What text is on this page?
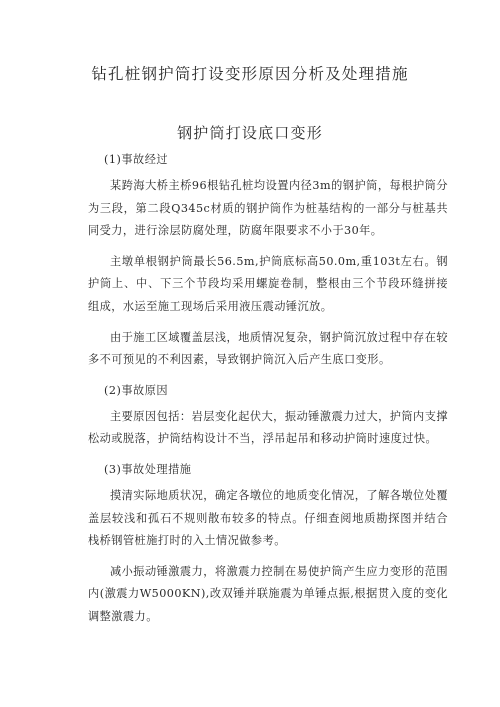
钻孔桩钢护筒打设变形原因分析及处理措施
钢护筒打设底口变形
(1)事故经过

某跨海大桥主桥96根钻孔桩均设置内径3m的钢护筒，每根护筒分为三段，第二段Q345c材质的钢护筒作为桩基结构的一部分与桩基共同受力，进行涂层防腐处理，防腐年限要求不小于30年。

主墩单根钢护筒最长56.5m,护筒底标高50.0m,重103t左右。钢护筒上、中、下三个节段均采用螺旋卷制，整根由三个节段环缝拼接组成，水运至施工现场后采用液压震动锤沉放。

由于施工区域覆盖层浅，地质情况复杂，钢护筒沉放过程中存在较多不可预见的不利因素，导致钢护筒沉入后产生底口变形。

(2)事故原因

主要原因包括：岩层变化起伏大，振动锤激震力过大，护筒内支撑松动或脱落，护筒结构设计不当，浮吊起吊和移动护筒时速度过快。

(3)事故处理措施

摸清实际地质状况，确定各墩位的地质变化情况，了解各墩位处覆盖层较浅和孤石不规则散布较多的特点。仔细查阅地质勘探图并结合栈桥钢管桩施打时的入土情况做参考。

减小振动锤激震力，将激震力控制在易使护筒产生应力变形的范围内(激震力W5000KN),改双锤并联施震为单锤点振,根据贯入度的变化调整激震力。
